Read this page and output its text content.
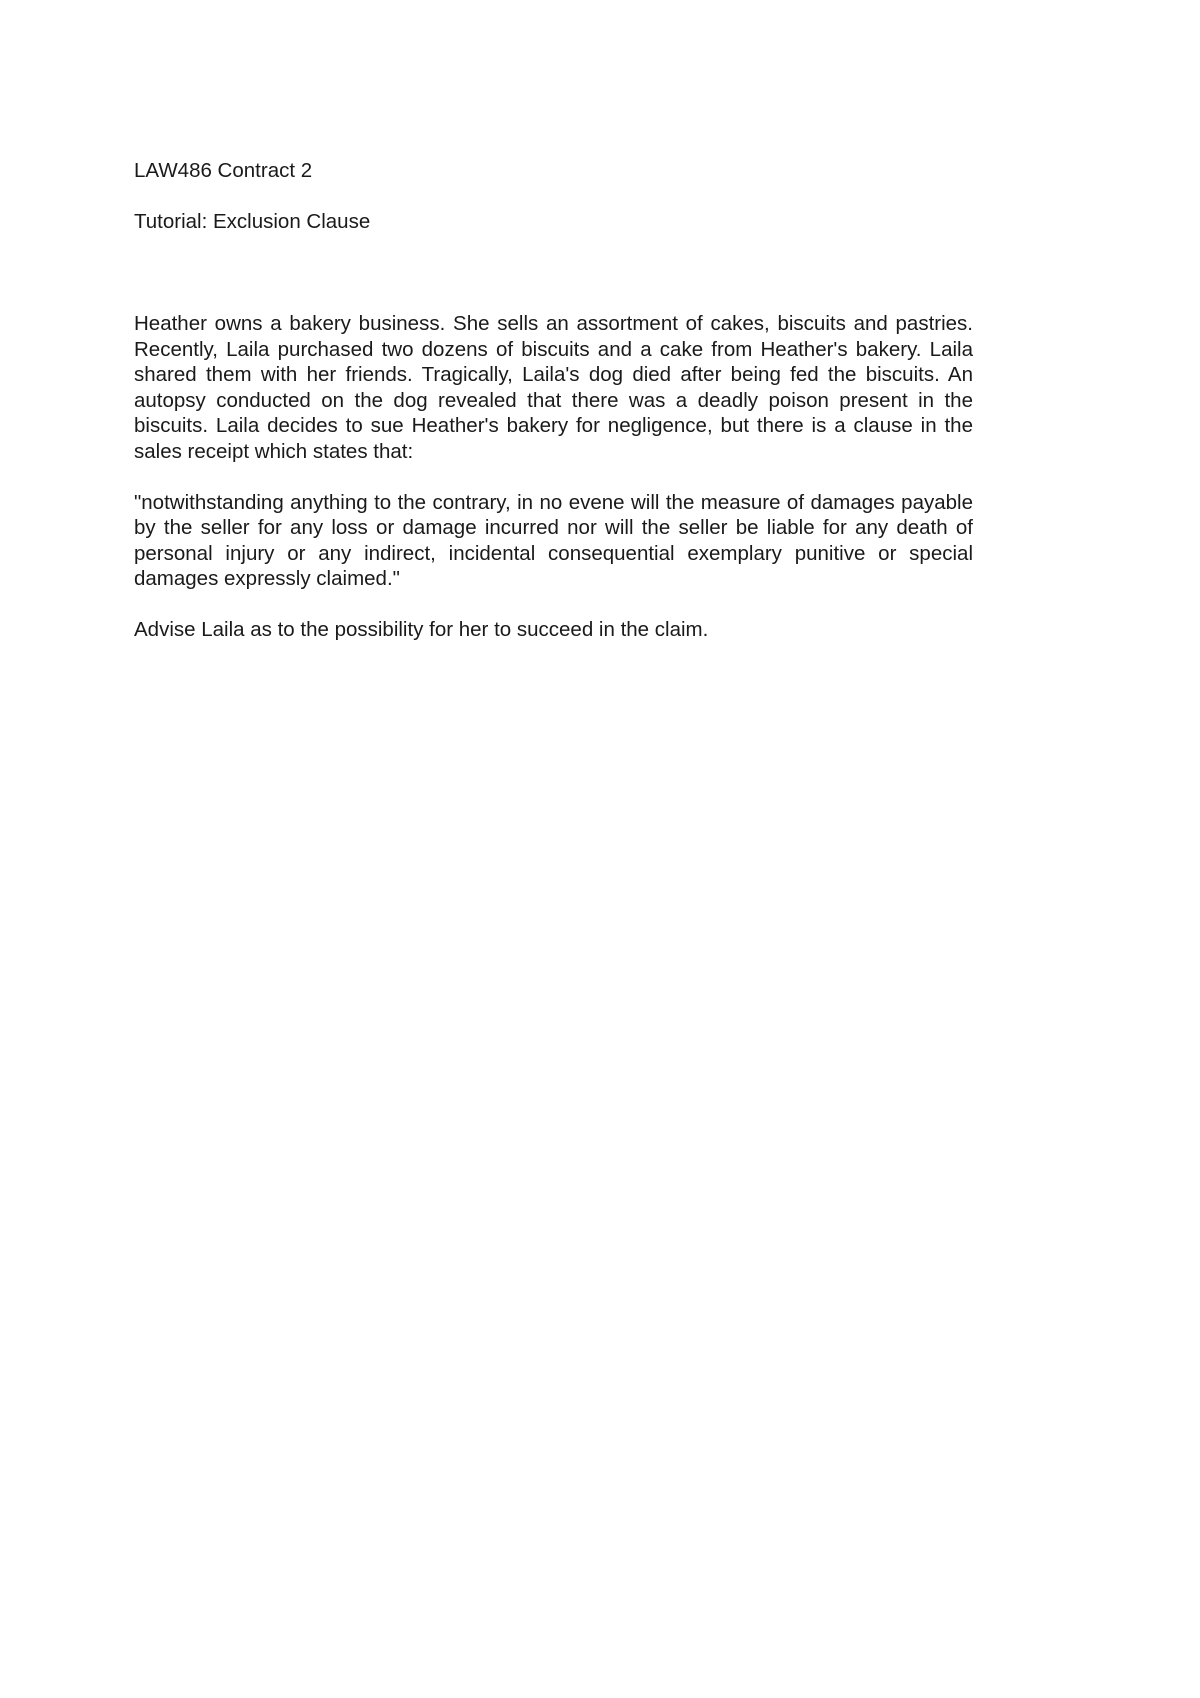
LAW486 Contract 2

Tutorial: Exclusion Clause

Heather owns a bakery business. She sells an assortment of cakes, biscuits and pastries. Recently, Laila purchased two dozens of biscuits and a cake from Heather's bakery. Laila shared them with her friends. Tragically, Laila's dog died after being fed the biscuits. An autopsy conducted on the dog revealed that there was a deadly poison present in the biscuits. Laila decides to sue Heather's bakery for negligence, but there is a clause in the sales receipt which states that:

"notwithstanding anything to the contrary, in no evene will the measure of damages payable by the seller for any loss or damage incurred nor will the seller be liable for any death of personal injury or any indirect, incidental consequential exemplary punitive or special damages expressly claimed."

Advise Laila as to the possibility for her to succeed in the claim.
